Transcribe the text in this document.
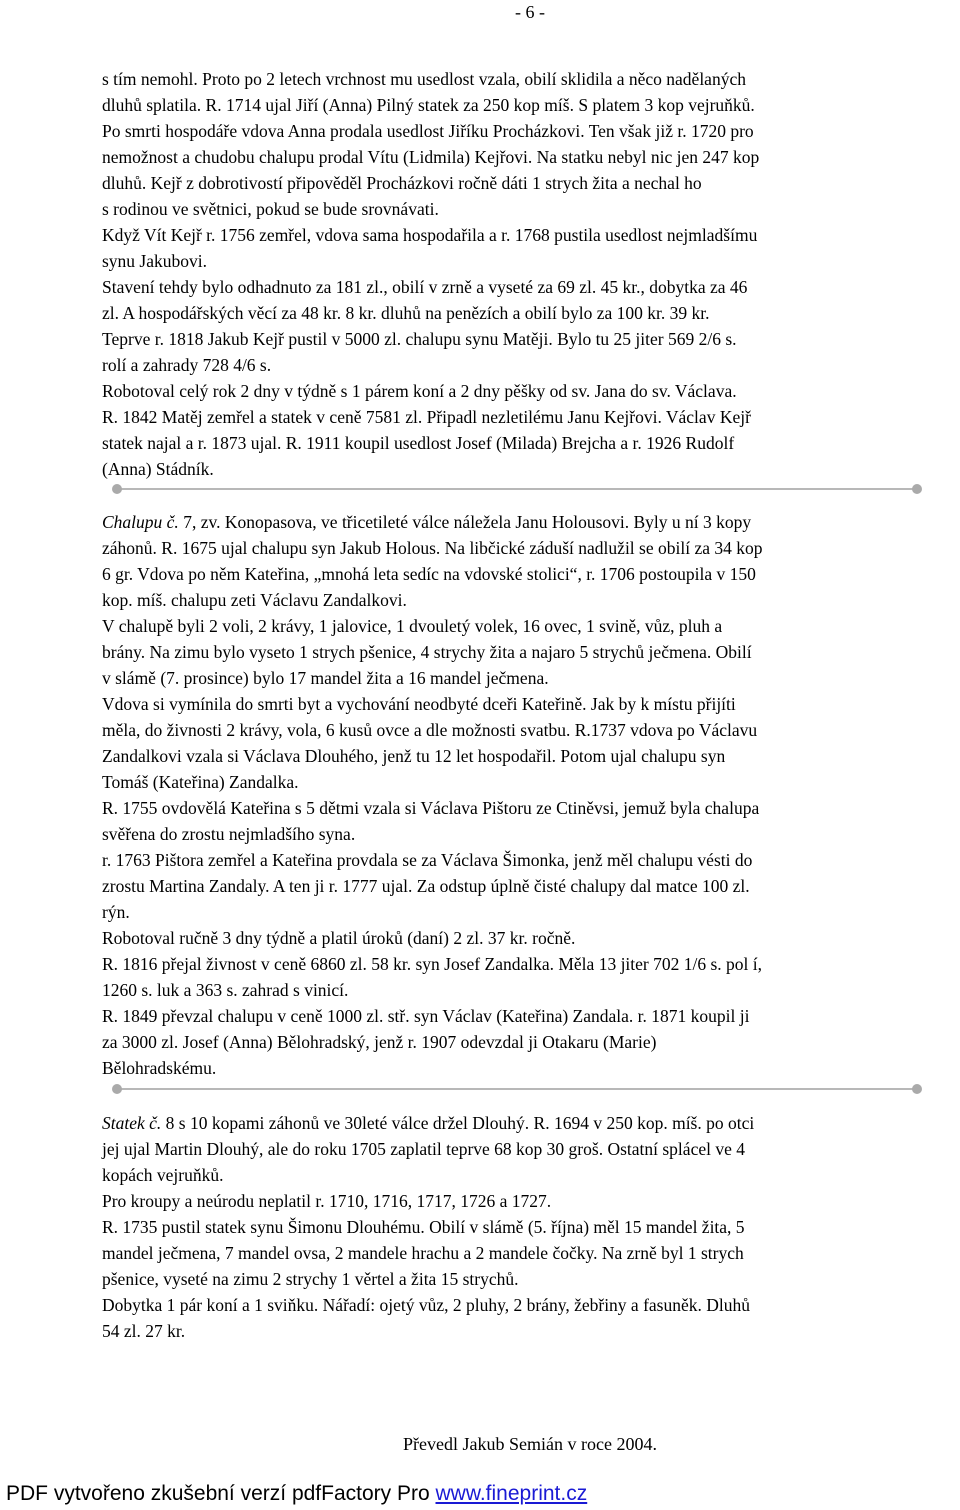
- 6 -
s tím nemohl. Proto po 2 letech vrchnost mu usedlost vzala, obilí sklidila a něco nadělaných
dluhů splatila. R. 1714 ujal Jiří (Anna) Pilný statek za 250 kop míš. S platem 3 kop vejruňků.
Po smrti hospodáře vdova Anna prodala usedlost Jiříku Procházkovi. Ten však již r. 1720 pro
nemožnost a chudobu chalupu prodal Vítu (Lidmila) Kejřovi. Na statku nebyl nic jen 247 kop
dluhů. Kejř z dobrotivostí připověděl Procházkovi ročně dáti 1 strych žita a nechal ho
s rodinou ve světnici, pokud se bude srovnávati.
Když Vít Kejř r. 1756 zemřel, vdova sama hospodařila a r. 1768 pustila usedlost nejmladšímu
synu Jakubovi.
Stavení tehdy bylo odhadnuto za 181 zl., obilí v zrně a vyseté za 69 zl. 45 kr., dobytka za 46
zl. A hospodářských věcí za 48 kr. 8 kr. dluhů na penězích a obilí bylo za 100 kr. 39 kr.
Teprve r. 1818 Jakub Kejř pustil v 5000 zl. chalupu synu Matěji. Bylo tu 25 jiter 569 2/6 s.
rolí a zahrady 728 4/6 s.
Robotoval celý rok 2 dny v týdně s 1 párem koní a 2 dny pěšky od sv. Jana do sv. Václava.
R. 1842 Matěj zemřel a statek v ceně 7581 zl. Připadl nezletilému Janu Kejřovi. Václav Kejř
statek najal a r. 1873 ujal. R. 1911 koupil usedlost Josef (Milada) Brejcha a r. 1926 Rudolf
(Anna) Stádník.
Chalupu č. 7, zv. Konopasova, ve třicetileté válce náležela Janu Holousovi. Byly u ní 3 kopy
záhonů. R. 1675 ujal chalupu syn Jakub Holous. Na libčické záduší nadlužil se obilí za 34 kop
6 gr. Vdova po něm Kateřina, „mnohá leta sedíc na vdovské stolici“, r. 1706 postoupila v 150
kop. míš. chalupu zeti Václavu Zandalkovi.
V chalupě byli 2 voli, 2 krávy, 1 jalovice, 1 dvouletý volek, 16 ovec, 1 svině, vůz, pluh a
brány. Na zimu bylo vyseto 1 strych pšenice, 4 strychy žita a najaro 5 strychů ječmena. Obilí
v slámě (7. prosince) bylo 17 mandel žita a 16 mandel ječmena.
Vdova si vymínila do smrti byt a vychování neodbyté dceři Kateřině. Jak by k místu přijíti
měla, do živnosti 2 krávy, vola, 6 kusů ovce a dle možnosti svatbu. R.1737 vdova po Václavu
Zandalkovi vzala si Václava Dlouhého, jenž tu 12 let hospodařil. Potom ujal chalupu syn
Tomáš (Kateřina) Zandalka.
R. 1755 ovdovělá Kateřina s 5 dětmi vzala si Václava Pištoru ze Ctiněvsi, jemuž byla chalupa
svěřena do zrostu nejmladšího syna.
r. 1763 Pištora zemřel a Kateřina provdala se za Václava Šimonka, jenž měl chalupu vésti do
zrostu Martina Zandaly. A ten ji r. 1777 ujal. Za odstup úplně čisté chalupy dal matce 100 zl.
rýn.
Robotoval ručně 3 dny týdně a platil úroků (daní) 2 zl. 37 kr. ročně.
R. 1816 přejal živnost v ceně 6860 zl. 58 kr. syn Josef Zandalka. Měla 13 jiter 702 1/6 s. pol í,
1260 s. luk a 363 s. zahrad s vinicí.
R. 1849 převzal chalupu v ceně 1000 zl. stř. syn Václav (Kateřina) Zandala. r. 1871 koupil ji
za 3000 zl. Josef (Anna) Bělohradský, jenž r. 1907 odevzdal ji Otakaru (Marie)
Bělohradskému.
Statek č. 8 s 10 kopami záhonů ve 30leté válce držel Dlouhý. R. 1694 v 250 kop. míš. po otci
jej ujal Martin Dlouhý, ale do roku 1705 zaplatil teprve 68 kop 30 groš. Ostatní splácel ve 4
kopách vejruňků.
Pro kroupy a neúrodu neplatil r. 1710, 1716, 1717, 1726 a 1727.
R. 1735 pustil statek synu Šimonu Dlouhému. Obilí v slámě (5. října) měl 15 mandel žita, 5
mandel ječmena, 7 mandel ovsa, 2 mandele hrachu a 2 mandele čočky. Na zrně byl 1 strych
pšenice, vyseté na zimu 2 strychy 1 věrtel a žita 15 strychů.
Dobytka 1 pár koní a 1 sviňku. Nářadí: ojetý vůz, 2 pluhy, 2 brány, žebřiny a fasuněk. Dluhů
54 zl. 27 kr.
Převedl Jakub Semián v roce 2004.
PDF vytvořeno zkušební verzí pdfFactory Pro www.fineprint.cz
